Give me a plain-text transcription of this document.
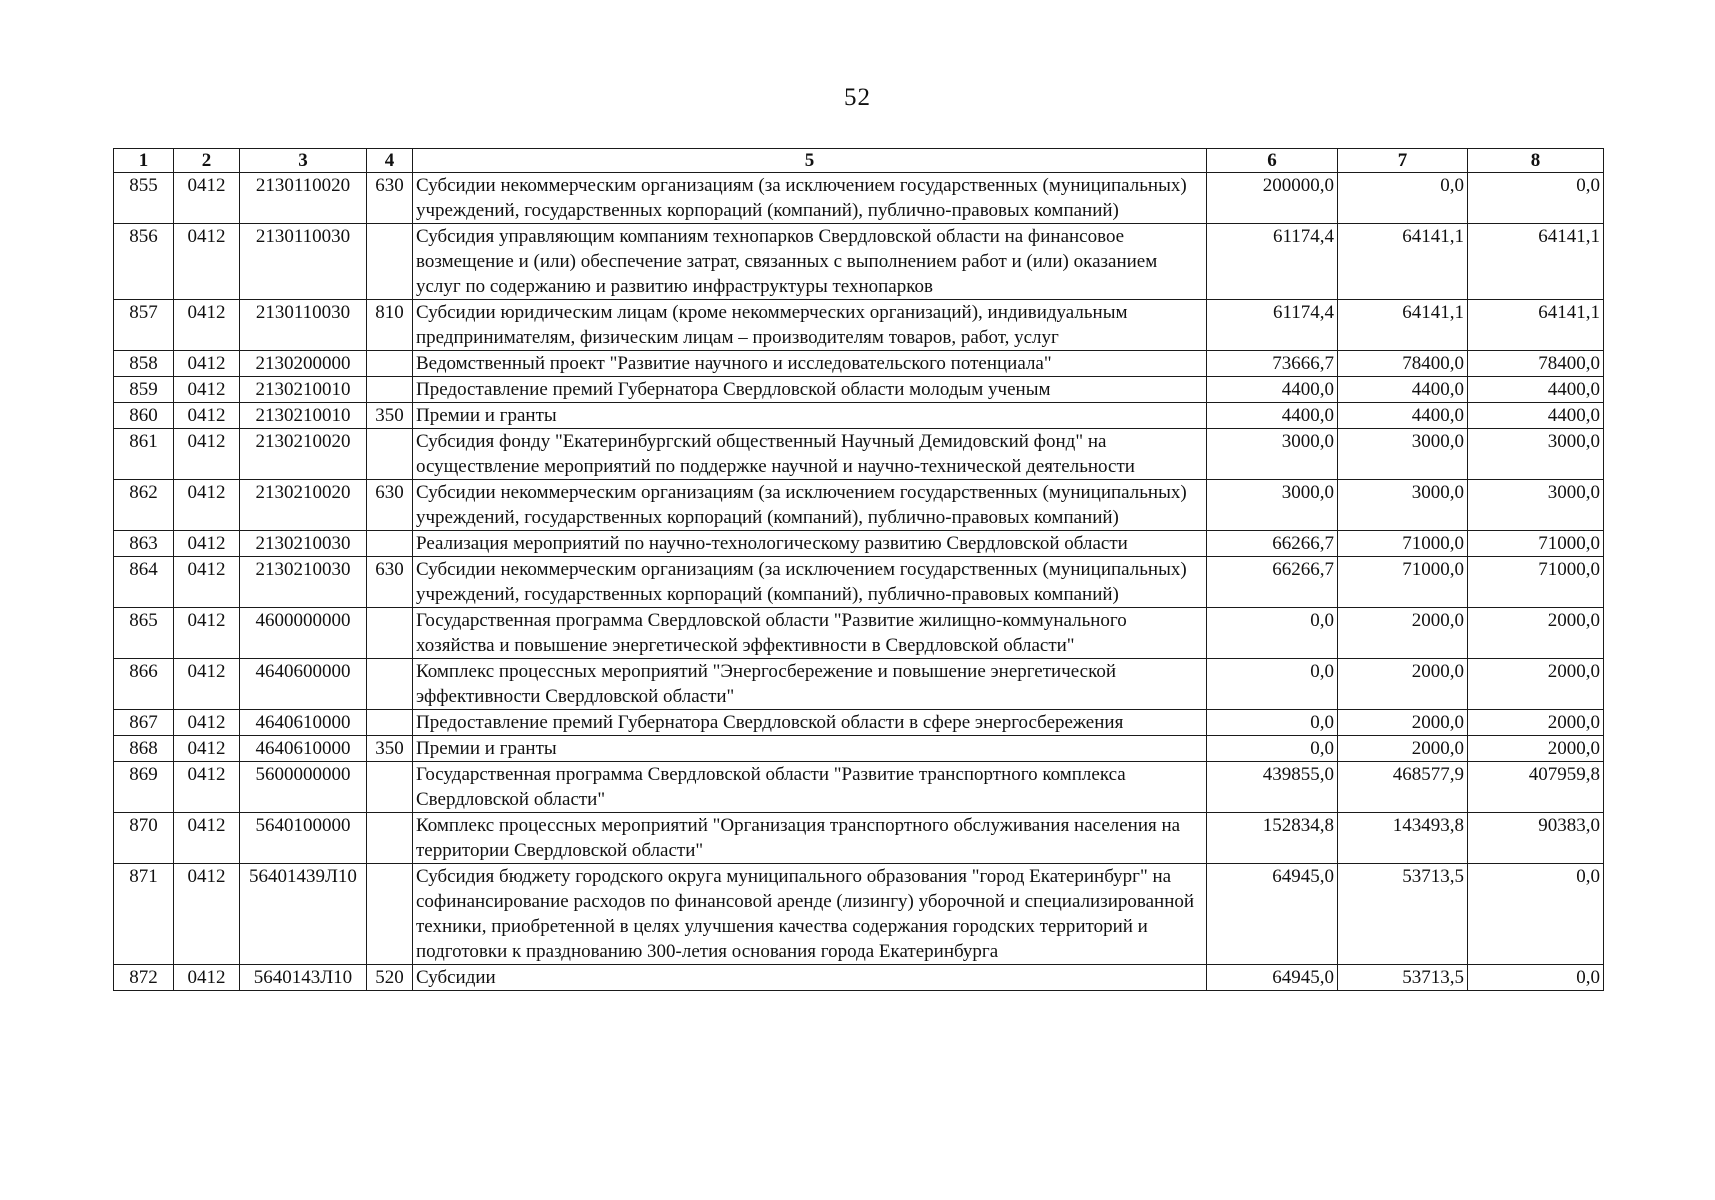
52
1	2	3	4	5	6	7	8
855	0412	2130110020	630	Субсидии некоммерческим организациям (за исключением государственных (муниципальных) учреждений, государственных корпораций (компаний), публично-правовых компаний)	200000,0	0,0	0,0
856	0412	2130110030		Субсидия управляющим компаниям технопарков Свердловской области на финансовое возмещение и (или) обеспечение затрат, связанных с выполнением работ и (или) оказанием услуг по содержанию и развитию инфраструктуры технопарков	61174,4	64141,1	64141,1
857	0412	2130110030	810	Субсидии юридическим лицам (кроме некоммерческих организаций), индивидуальным предпринимателям, физическим лицам – производителям товаров, работ, услуг	61174,4	64141,1	64141,1
858	0412	2130200000		Ведомственный проект "Развитие научного и исследовательского потенциала"	73666,7	78400,0	78400,0
859	0412	2130210010		Предоставление премий Губернатора Свердловской области молодым ученым	4400,0	4400,0	4400,0
860	0412	2130210010	350	Премии и гранты	4400,0	4400,0	4400,0
861	0412	2130210020		Субсидия фонду "Екатеринбургский общественный Научный Демидовский фонд" на осуществление мероприятий по поддержке научной и научно-технической деятельности	3000,0	3000,0	3000,0
862	0412	2130210020	630	Субсидии некоммерческим организациям (за исключением государственных (муниципальных) учреждений, государственных корпораций (компаний), публично-правовых компаний)	3000,0	3000,0	3000,0
863	0412	2130210030		Реализация мероприятий по научно-технологическому развитию Свердловской области	66266,7	71000,0	71000,0
864	0412	2130210030	630	Субсидии некоммерческим организациям (за исключением государственных (муниципальных) учреждений, государственных корпораций (компаний), публично-правовых компаний)	66266,7	71000,0	71000,0
865	0412	4600000000		Государственная программа Свердловской области "Развитие жилищно-коммунального хозяйства и повышение энергетической эффективности в Свердловской области"	0,0	2000,0	2000,0
866	0412	4640600000		Комплекс процессных мероприятий "Энергосбережение и повышение энергетической эффективности Свердловской области"	0,0	2000,0	2000,0
867	0412	4640610000		Предоставление премий Губернатора Свердловской области в сфере энергосбережения	0,0	2000,0	2000,0
868	0412	4640610000	350	Премии и гранты	0,0	2000,0	2000,0
869	0412	5600000000		Государственная программа Свердловской области "Развитие транспортного комплекса Свердловской области"	439855,0	468577,9	407959,8
870	0412	5640100000		Комплекс процессных мероприятий "Организация транспортного обслуживания населения на территории Свердловской области"	152834,8	143493,8	90383,0
871	0412	56401439Л10		Субсидия бюджету городского округа муниципального образования "город Екатеринбург" на софинансирование расходов по финансовой аренде (лизингу) уборочной и специализированной техники, приобретенной в целях улучшения качества содержания городских территорий и подготовки к празднованию 300-летия основания города Екатеринбурга	64945,0	53713,5	0,0
872	0412	5640143Л10	520	Субсидии	64945,0	53713,5	0,0
